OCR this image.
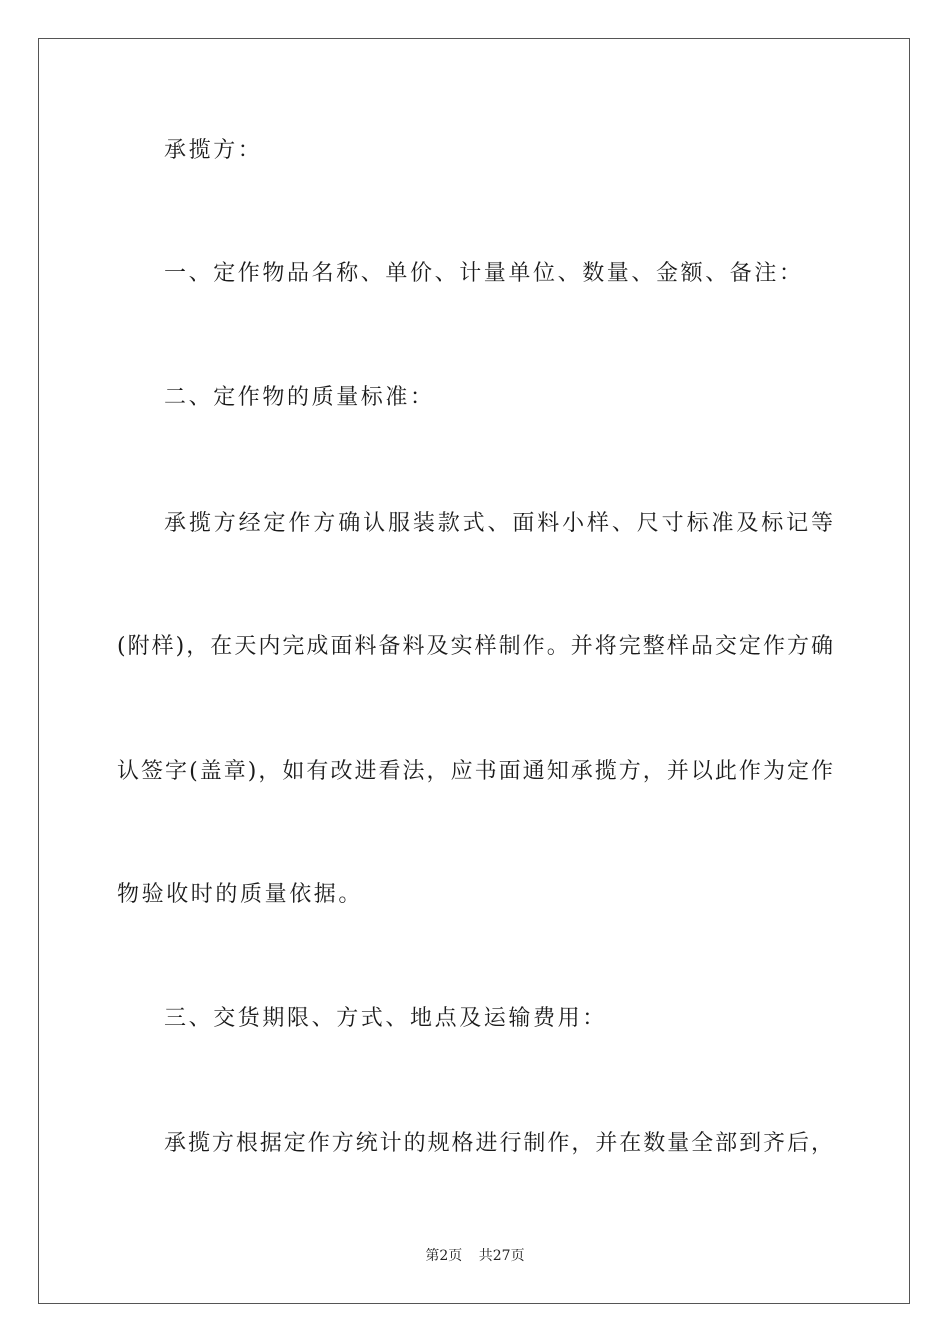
承揽方：
一、定作物品名称、单价、计量单位、数量、金额、备注：
二、定作物的质量标准：
承揽方经定作方确认服装款式、面料小样、尺寸标准及标记等
(附样)，在天内完成面料备料及实样制作。并将完整样品交定作方确
认签字(盖章)，如有改进看法，应书面通知承揽方，并以此作为定作
物验收时的质量依据。
三、交货期限、方式、地点及运输费用：
承揽方根据定作方统计的规格进行制作，并在数量全部到齐后，
第2页 共27页
